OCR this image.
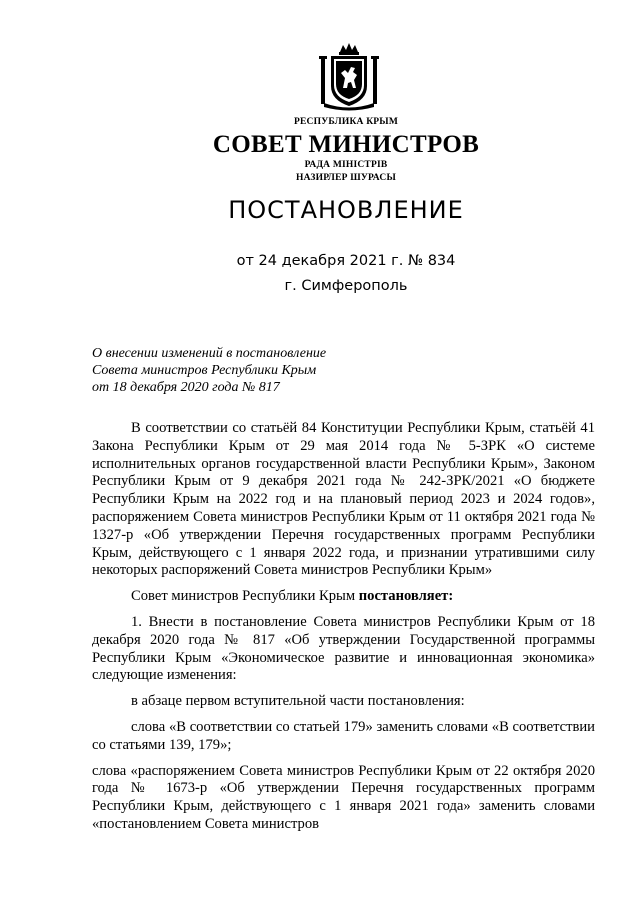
РЕСПУБЛИКА КРЫМ
СОВЕТ МИНИСТРОВ
РАДА МІНІСТРІВ
НАЗИРЛЕР ШУРАСЫ
ПОСТАНОВЛЕНИЕ
от 24 декабря 2021 г. № 834
г. Симферополь
О внесении изменений в постановление
Совета министров Республики Крым
от 18 декабря 2020 года № 817

В соответствии со статьёй 84 Конституции Республики Крым, статьёй 41 Закона Республики Крым от 29 мая 2014 года № 5-ЗРК «О системе исполнительных органов государственной власти Республики Крым», Законом Республики Крым от 9 декабря 2021 года № 242-ЗРК/2021 «О бюджете Республики Крым на 2022 год и на плановый период 2023 и 2024 годов», распоряжением Совета министров Республики Крым от 11 октября 2021 года № 1327-р «Об утверждении Перечня государственных программ Республики Крым, действующего с 1 января 2022 года, и признании утратившими силу некоторых распоряжений Совета министров Республики Крым»

Совет министров Республики Крым постановляет:

1. Внести в постановление Совета министров Республики Крым от 18 декабря 2020 года № 817 «Об утверждении Государственной программы Республики Крым «Экономическое развитие и инновационная экономика» следующие изменения:

в абзаце первом вступительной части постановления:

слова «В соответствии со статьей 179» заменить словами «В соответствии со статьями 139, 179»;

слова «распоряжением Совета министров Республики Крым от 22 октября 2020 года № 1673-р «Об утверждении Перечня государственных программ Республики Крым, действующего с 1 января 2021 года» заменить словами «постановлением Совета министров
